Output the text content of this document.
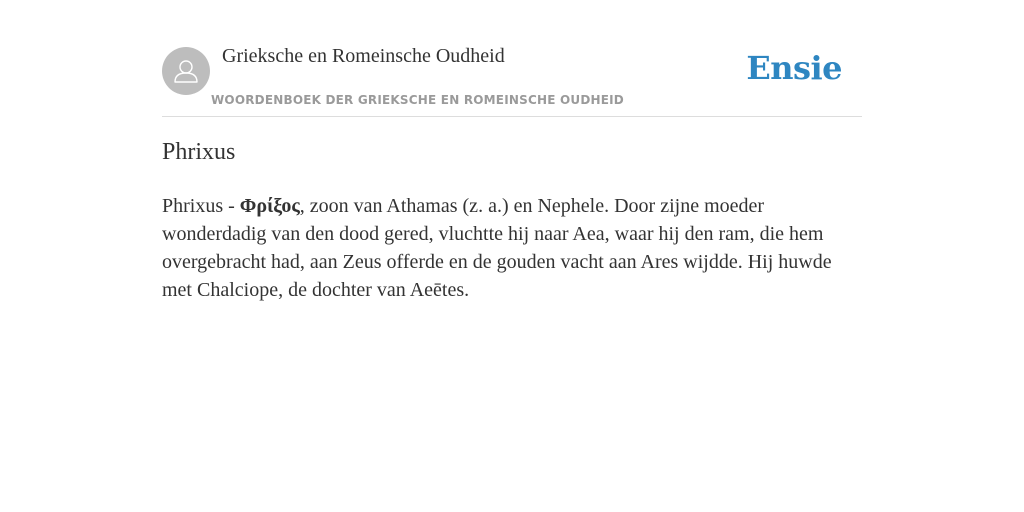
Grieksche en Romeinsche Oudheid
WOORDENBOEK DER GRIEKSCHE EN ROMEINSCHE OUDHEID
Ensie
Phrixus

Phrixus - Φρίξος, zoon van Athamas (z. a.) en Nephele. Door zijne moeder wonderdadig van den dood gered, vluchtte hij naar Aea, waar hij den ram, die hem overgebracht had, aan Zeus offerde en de gouden vacht aan Ares wijdde. Hij huwde met Chalciope, de dochter van Aeētes.
